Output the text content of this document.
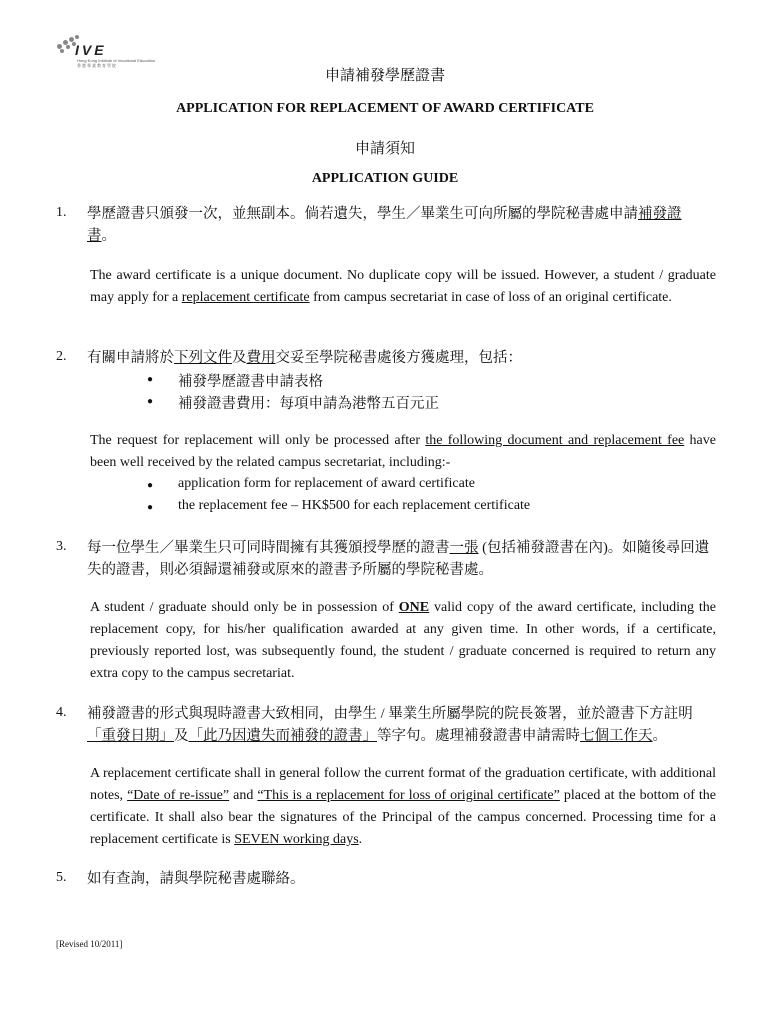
IVE
Hong Kong Institute of Vocational Education
香港專業教育學院
申請補發學歷證書
APPLICATION FOR REPLACEMENT OF AWARD CERTIFICATE
申請須知
APPLICATION GUIDE
1. 學歷證書只頒發一次，並無副本。倘若遺失，學生／畢業生可向所屬的學院秘書處申請補發證
書。
The award certificate is a unique document. No duplicate copy will be issued. However, a student / graduate may apply for a replacement certificate from campus secretariat in case of loss of an original certificate.
2. 有關申請將於下列文件及費用交妥至學院秘書處後方獲處理，包括：
● 補發學歷證書申請表格
● 補發證書費用：每項申請為港幣五百元正
The request for replacement will only be processed after the following document and replacement fee have been well received by the related campus secretariat, including:-
● application form for replacement of award certificate
● the replacement fee – HK$500 for each replacement certificate
3. 每一位學生／畢業生只可同時間擁有其獲頒授學歷的證書一張 (包括補發證書在內)。如隨後尋回遺失的證書，則必須歸還補發或原來的證書予所屬的學院秘書處。
A student / graduate should only be in possession of ONE valid copy of the award certificate, including the replacement copy, for his/her qualification awarded at any given time. In other words, if a certificate, previously reported lost, was subsequently found, the student / graduate concerned is required to return any extra copy to the campus secretariat.
4. 補發證書的形式與現時證書大致相同，由學生 / 畢業生所屬學院的院長簽署，並於證書下方註明「重發日期」及「此乃因遺失而補發的證書」等字句。處理補發證書申請需時七個工作天。
A replacement certificate shall in general follow the current format of the graduation certificate, with additional notes, “Date of re-issue” and “This is a replacement for loss of original certificate” placed at the bottom of the certificate. It shall also bear the signatures of the Principal of the campus concerned. Processing time for a replacement certificate is SEVEN working days.
5. 如有查詢，請與學院秘書處聯絡。
[Revised 10/2011]
